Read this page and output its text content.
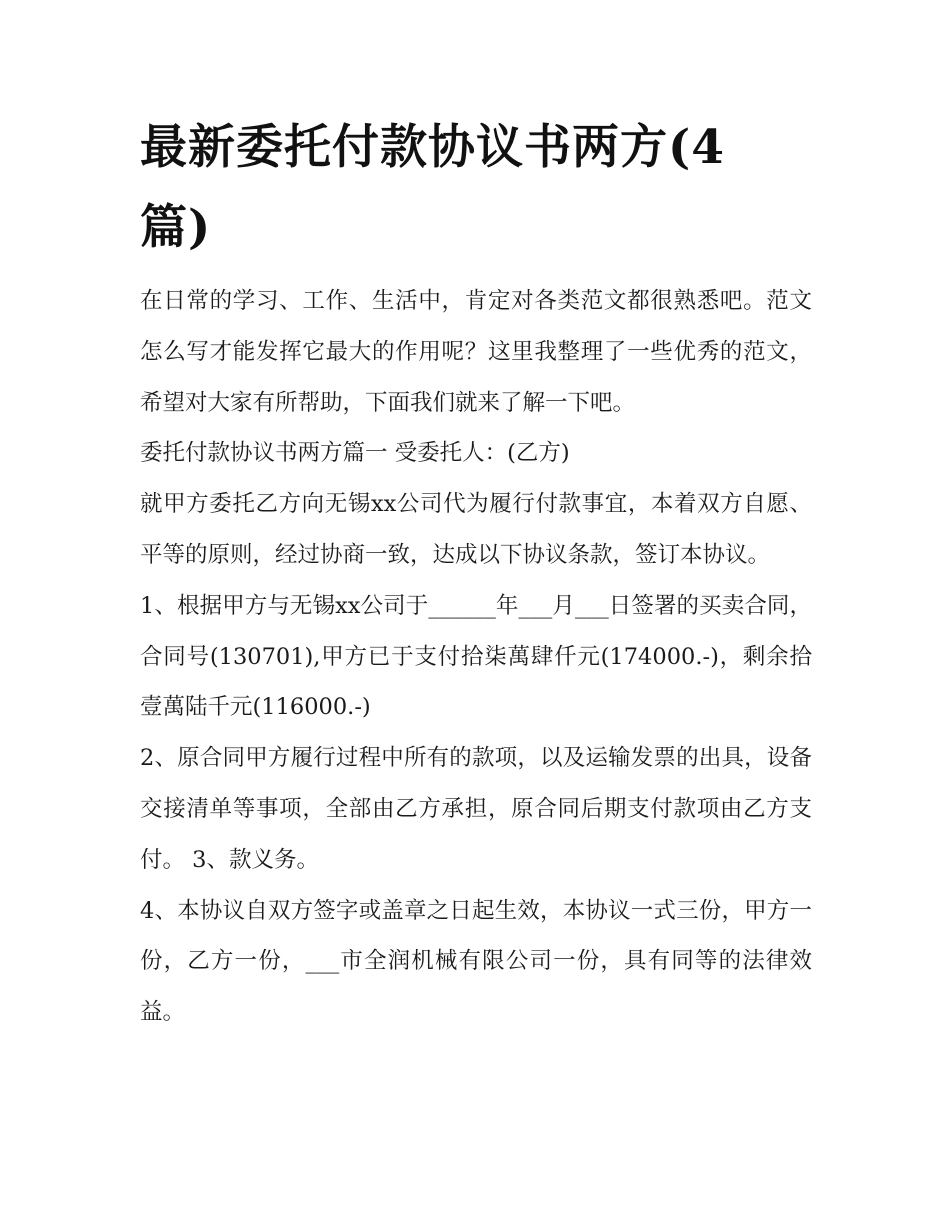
最新委托付款协议书两方(4篇)

在日常的学习、工作、生活中，肯定对各类范文都很熟悉吧。范文怎么写才能发挥它最大的作用呢？这里我整理了一些优秀的范文，希望对大家有所帮助，下面我们就来了解一下吧。

委托付款协议书两方篇一 受委托人：(乙方)

就甲方委托乙方向无锡xx公司代为履行付款事宜，本着双方自愿、平等的原则，经过协商一致，达成以下协议条款，签订本协议。

1、根据甲方与无锡xx公司于______年___月___日签署的买卖合同，合同号(130701),甲方已于支付拾柒萬肆仟元(174000.-)，剩余拾壹萬陆千元(116000.-)

2、原合同甲方履行过程中所有的款项，以及运输发票的出具，设备交接清单等事项，全部由乙方承担，原合同后期支付款项由乙方支付。 3、款义务。

4、本协议自双方签字或盖章之日起生效，本协议一式三份，甲方一份，乙方一份，___市全润机械有限公司一份，具有同等的法律效益。
